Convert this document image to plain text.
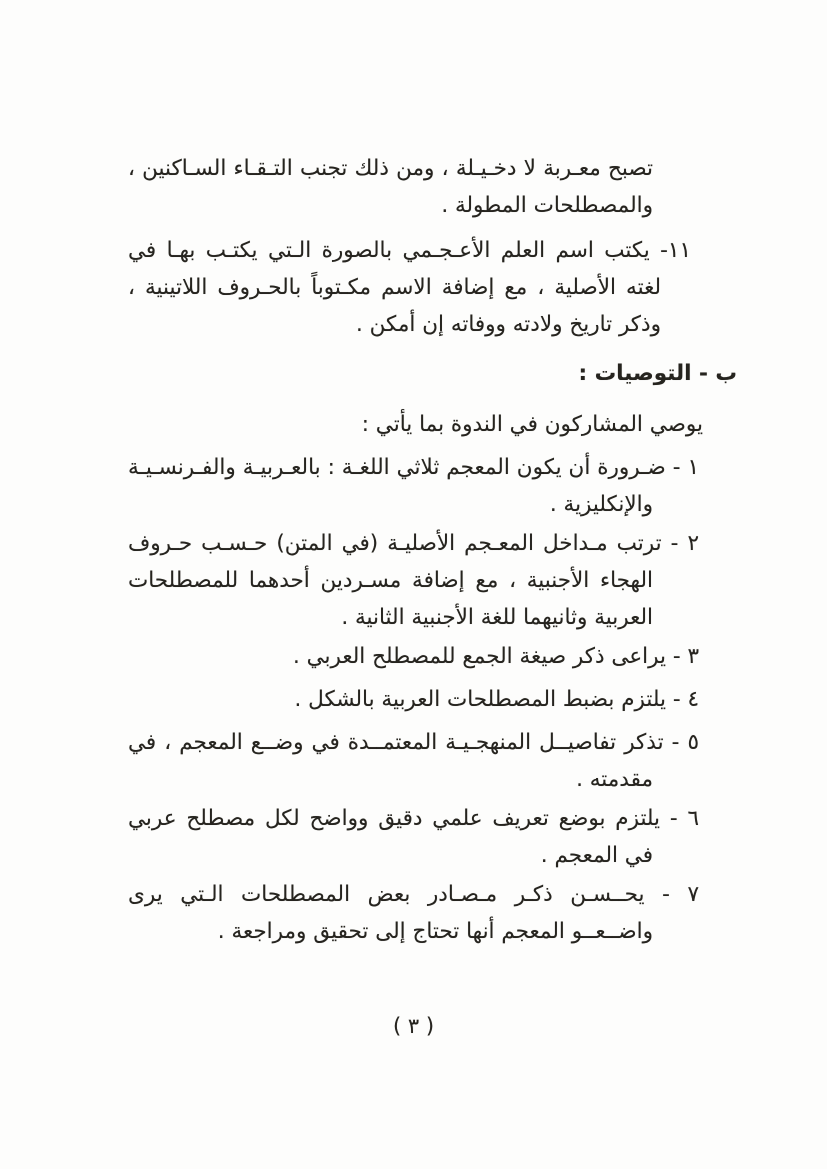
تصبح معـربة لا دخـيـلة ، ومن ذلك تجنب التـقـاء السـاكنين ، والمصطلحات المطولة .

١١- يكتب اسم العلم الأعـجـمي بالصورة الـتي يكتـب بهـا في لغته الأصلية ، مع إضافة الاسم مكـتوباً بالحـروف اللاتينية ، وذكر تاريخ ولادته ووفاته إن أمكن .

ب - التوصيات :

يوصي المشاركون في الندوة بما يأتي :

١ - ضـرورة أن يكون المعجم ثلاثي اللغـة : بالعـربيـة والفـرنسـيـة والإنكليزية .

٢ - ترتب مـداخل المعـجم الأصليـة (في المتن) حـسـب حـروف الهجاء الأجنبية ، مع إضافة مسـردين أحدهما للمصطلحات العربية وثانيهما للغة الأجنبية الثانية .

٣ - يراعى ذكر صيغة الجمع للمصطلح العربي .

٤ - يلتزم بضبط المصطلحات العربية بالشكل .

٥ - تذكر تفاصيــل المنهجـيـة المعتمــدة في وضــع المعجم ، في مقدمته .

٦ - يلتزم بوضع تعريف علمي دقيق وواضح لكل مصطلح عربي في المعجم .

٧ - يحــسـن ذكـر مـصـادر بعض المصطلحات الـتي يرى واضــعــو المعجم أنها تحتاج إلى تحقيق ومراجعة .

( ٣ )
